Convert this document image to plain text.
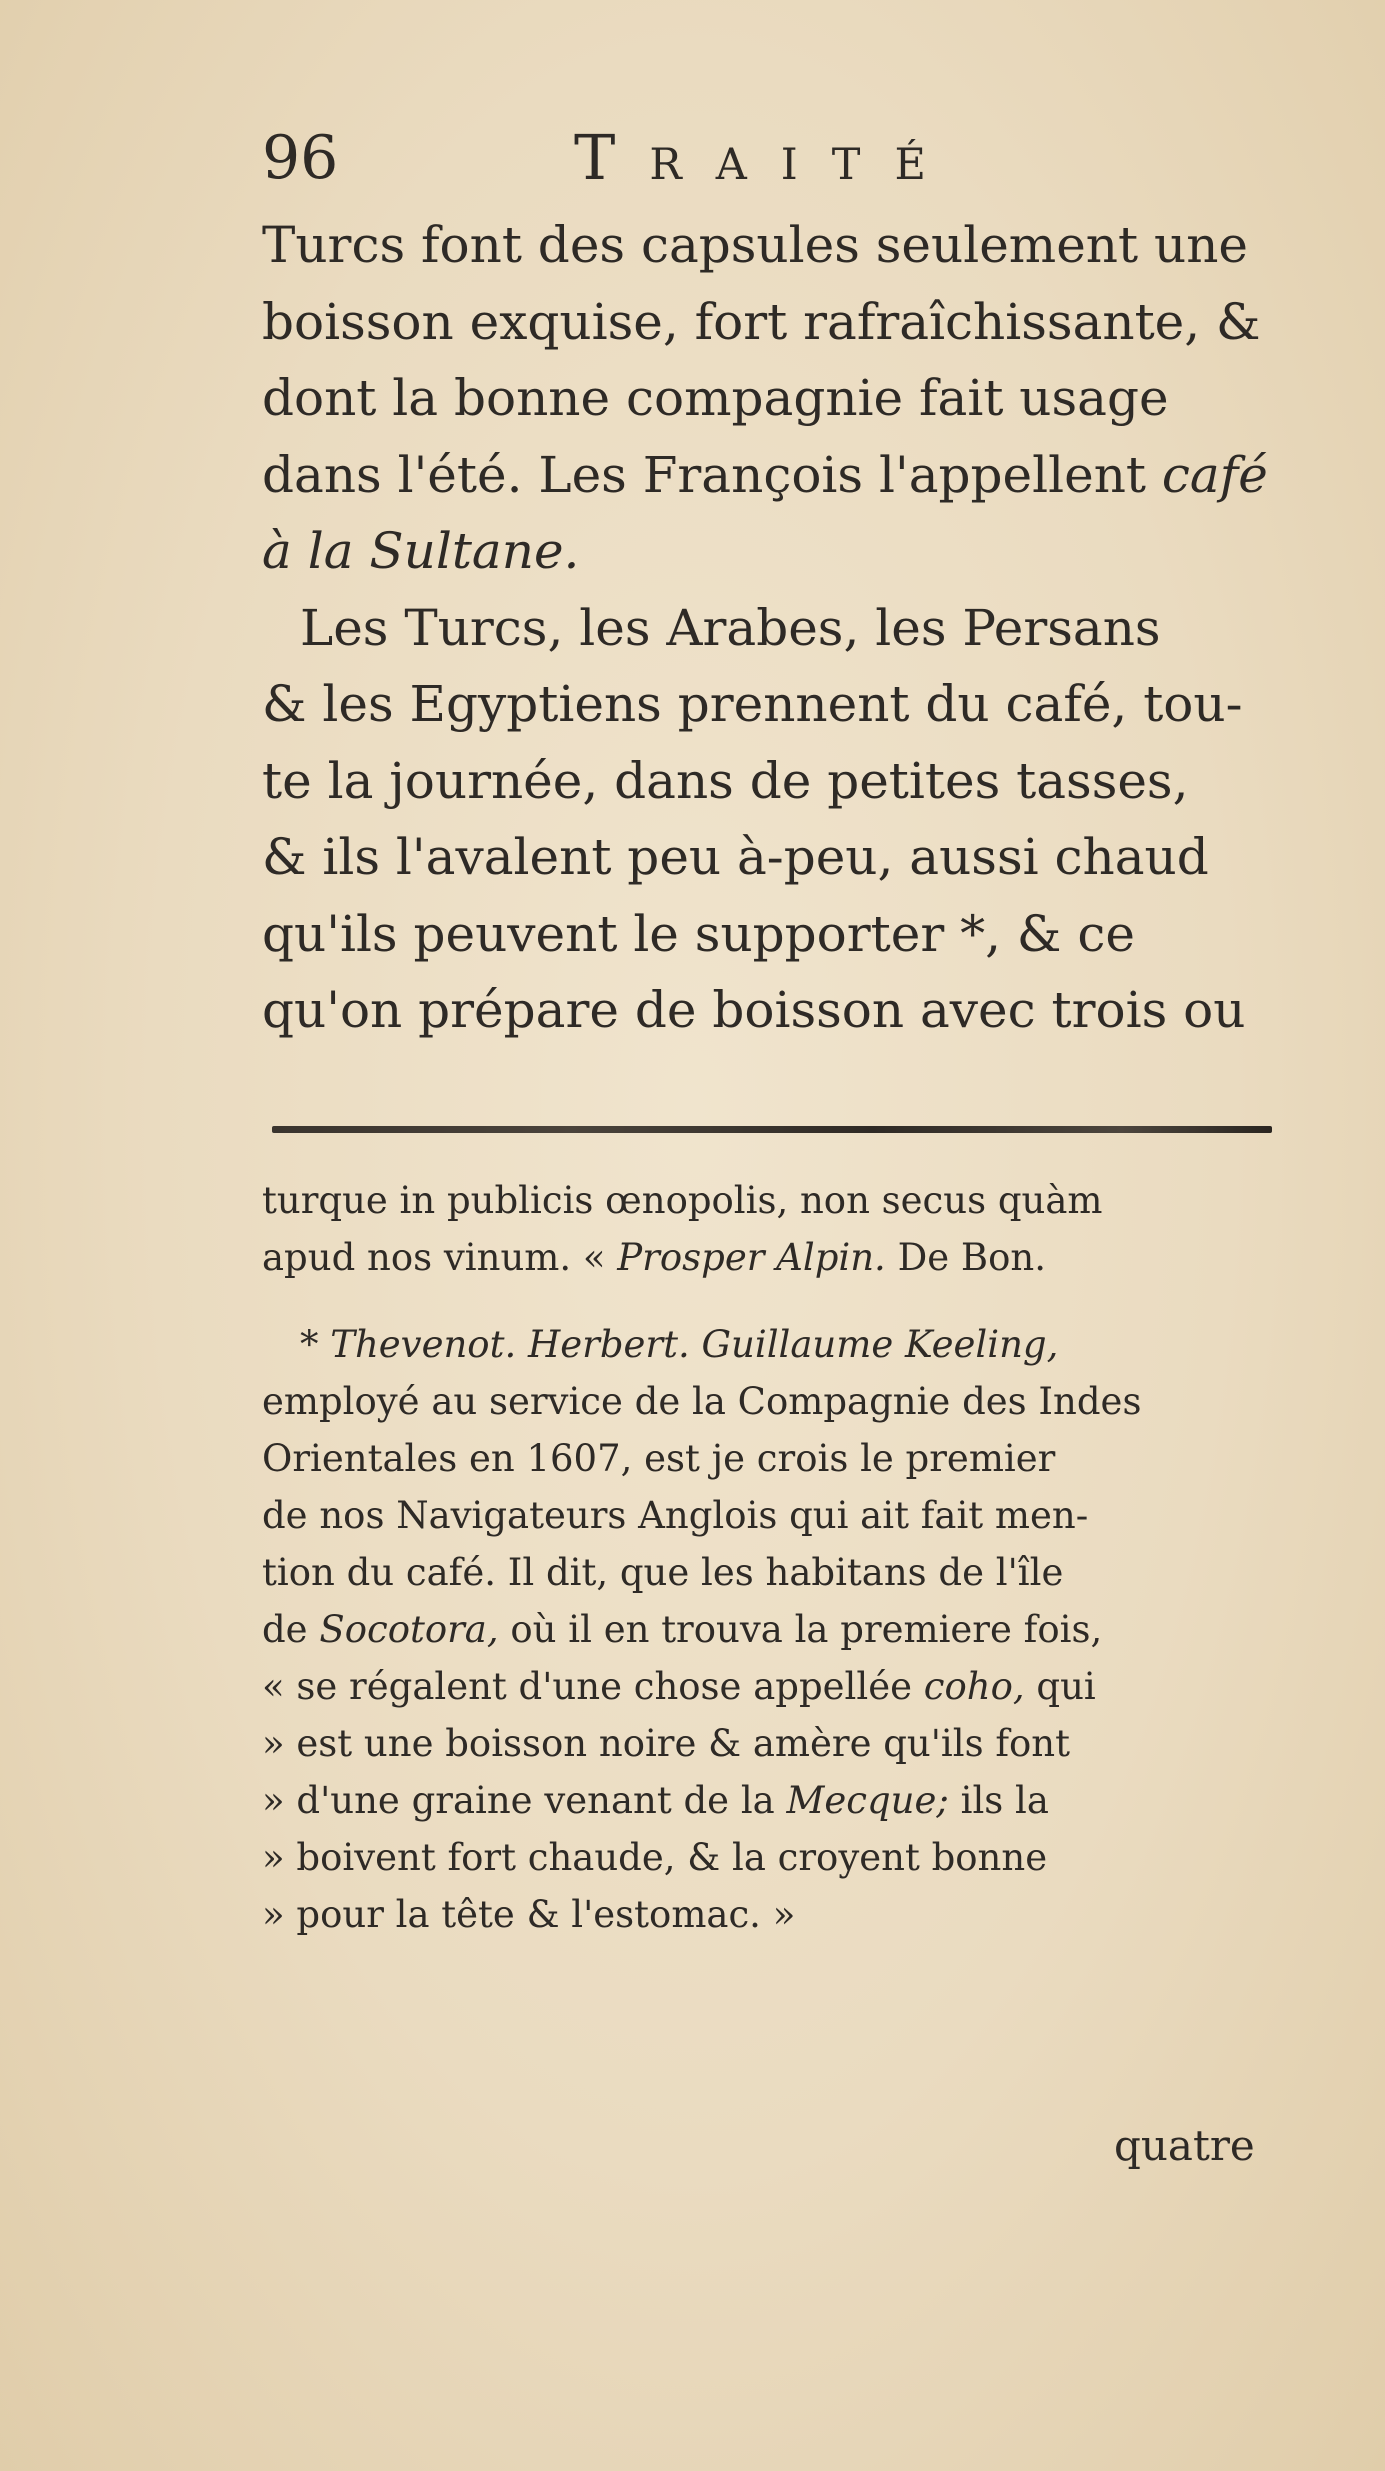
96	Traité
Turcs font des capsules seulement une
boisson exquise, fort rafraîchissante, &
dont la bonne compagnie fait usage
dans l'été. Les François l'appellent café
à la Sultane.
Les Turcs, les Arabes, les Persans
& les Egyptiens prennent du café, tou-
te la journée, dans de petites tasses,
& ils l'avalent peu à-peu, aussi chaud
qu'ils peuvent le supporter *, & ce
qu'on prépare de boisson avec trois ou
turque in publicis œnopolis, non secus quàm
apud nos vinum. « Prosper Alpin. De Bon.
* Thevenot. Herbert. Guillaume Keeling,
employé au service de la Compagnie des Indes
Orientales en 1607, est je crois le premier
de nos Navigateurs Anglois qui ait fait men-
tion du café. Il dit, que les habitans de l'île
de Socotora, où il en trouva la premiere fois,
« se régalent d'une chose appellée coho, qui
» est une boisson noire & amère qu'ils font
» d'une graine venant de la Mecque; ils la
» boivent fort chaude, & la croyent bonne
» pour la tête & l'estomac. »
quatre
